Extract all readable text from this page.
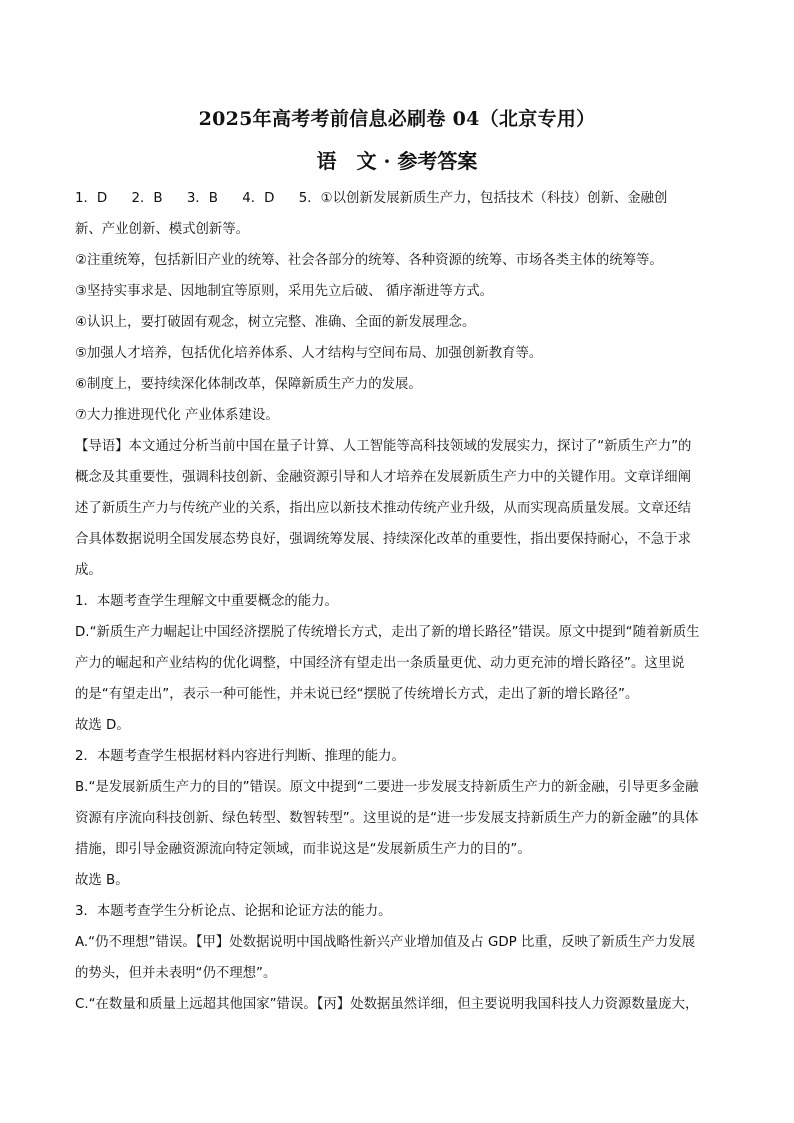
2025年高考考前信息必刷卷 04（北京专用）
语　文 · 参考答案
1．D 2．B 3．B 4．D 5．①以创新发展新质生产力，包括技术（科技）创新、金融创
新、产业创新、模式创新等。
②注重统筹，包括新旧产业的统筹、社会各部分的统筹、各种资源的统筹、市场各类主体的统筹等。
③坚持实事求是、因地制宜等原则，采用先立后破、 循序渐进等方式。
④认识上，要打破固有观念，树立完整、准确、全面的新发展理念。
⑤加强人才培养，包括优化培养体系、人才结构与空间布局、加强创新教育等。
⑥制度上，要持续深化体制改革，保障新质生产力的发展。
⑦大力推进现代化 产业体系建设。
【导语】本文通过分析当前中国在量子计算、人工智能等高科技领域的发展实力，探讨了“新质生产力”的
概念及其重要性，强调科技创新、金融资源引导和人才培养在发展新质生产力中的关键作用。文章详细阐
述了新质生产力与传统产业的关系，指出应以新技术推动传统产业升级，从而实现高质量发展。文章还结
合具体数据说明全国发展态势良好，强调统筹发展、持续深化改革的重要性，指出要保持耐心，不急于求
成。
1．本题考查学生理解文中重要概念的能力。
D.“新质生产力崛起让中国经济摆脱了传统增长方式，走出了新的增长路径”错误。原文中提到“随着新质生
产力的崛起和产业结构的优化调整，中国经济有望走出一条质量更优、动力更充沛的增长路径”。这里说
的是“有望走出”，表示一种可能性，并未说已经“摆脱了传统增长方式，走出了新的增长路径”。
故选 D。
2．本题考查学生根据材料内容进行判断、推理的能力。
B.“是发展新质生产力的目的”错误。原文中提到“二要进一步发展支持新质生产力的新金融，引导更多金融
资源有序流向科技创新、绿色转型、数智转型”。这里说的是“进一步发展支持新质生产力的新金融”的具体
措施，即引导金融资源流向特定领域，而非说这是“发展新质生产力的目的”。
故选 B。
3．本题考查学生分析论点、论据和论证方法的能力。
A.“仍不理想”错误。【甲】处数据说明中国战略性新兴产业增加值及占 GDP 比重，反映了新质生产力发展
的势头，但并未表明“仍不理想”。
C.“在数量和质量上远超其他国家”错误。【丙】处数据虽然详细，但主要说明我国科技人力资源数量庞大，
